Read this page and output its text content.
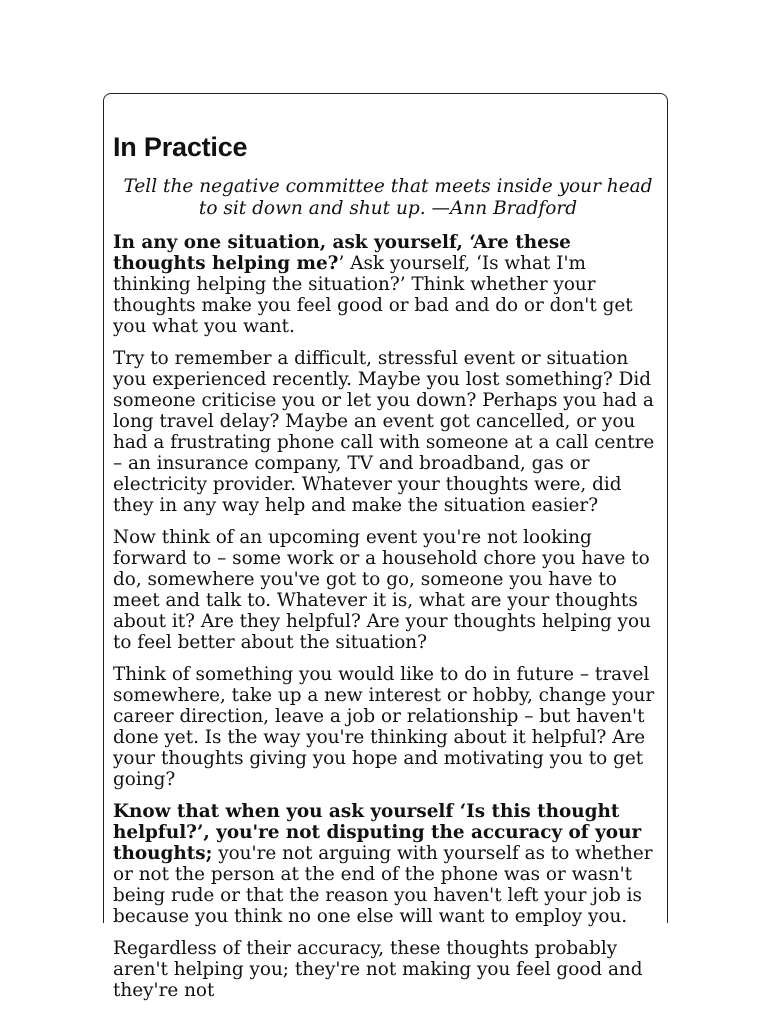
In Practice
Tell the negative committee that meets inside your head to sit down and shut up. —Ann Bradford

In any one situation, ask yourself, ‘Are these thoughts helping me?’ Ask yourself, ‘Is what I'm thinking helping the situation?’ Think whether your thoughts make you feel good or bad and do or don't get you what you want.

Try to remember a difficult, stressful event or situation you experienced recently. Maybe you lost something? Did someone criticise you or let you down? Perhaps you had a long travel delay? Maybe an event got cancelled, or you had a frustrating phone call with someone at a call centre – an insurance company, TV and broadband, gas or electricity provider. Whatever your thoughts were, did they in any way help and make the situation easier?

Now think of an upcoming event you're not looking forward to – some work or a household chore you have to do, somewhere you've got to go, someone you have to meet and talk to. Whatever it is, what are your thoughts about it? Are they helpful? Are your thoughts helping you to feel better about the situation?

Think of something you would like to do in future – travel somewhere, take up a new interest or hobby, change your career direction, leave a job or relationship – but haven't done yet. Is the way you're thinking about it helpful? Are your thoughts giving you hope and motivating you to get going?

Know that when you ask yourself ‘Is this thought helpful?’, you're not disputing the accuracy of your thoughts; you're not arguing with yourself as to whether or not the person at the end of the phone was or wasn't being rude or that the reason you haven't left your job is because you think no one else will want to employ you.

Regardless of their accuracy, these thoughts probably aren't helping you; they're not making you feel good and they're not
